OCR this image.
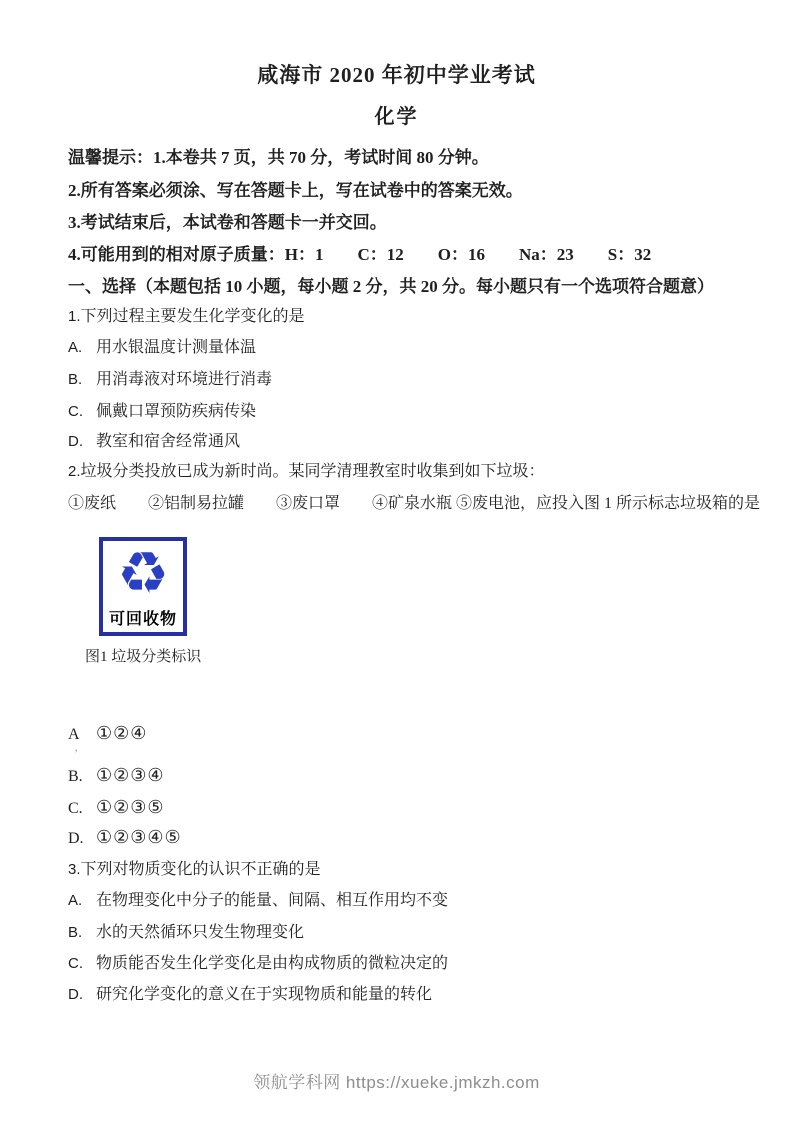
咸海市 2020 年初中学业考试
化学
温馨提示：1.本卷共 7 页，共 70 分，考试时间 80 分钟。
2.所有答案必须涂、写在答题卡上，写在试卷中的答案无效。
3.考试结束后，本试卷和答题卡一并交回。
4.可能用到的相对原子质量：H：1　　C：12　　O：16　　Na：23　　S：32
一、选择（本题包括 10 小题，每小题 2 分，共 20 分。每小题只有一个选项符合题意）
1.下列过程主要发生化学变化的是
A. 用水银温度计测量体温
B. 用消毒液对环境进行消毒
C. 佩戴口罩预防疾病传染
D. 教室和宿舍经常通风
2.垃圾分类投放已成为新时尚。某同学清理教室时收集到如下垃圾：
①废纸　　②铝制易拉罐　　③废口罩　　④矿泉水瓶 ⑤废电池，应投入图 1 所示标志垃圾箱的是
♻
可回收物
图1 垃圾分类标识
A ①②④
’
B. ①②③④
C. ①②③⑤
D. ①②③④⑤
3.下列对物质变化的认识不正确的是
A. 在物理变化中分子的能量、间隔、相互作用均不变
B. 水的天然循环只发生物理变化
C. 物质能否发生化学变化是由构成物质的微粒决定的
D. 研究化学变化的意义在于实现物质和能量的转化
领航学科网 https://xueke.jmkzh.com
